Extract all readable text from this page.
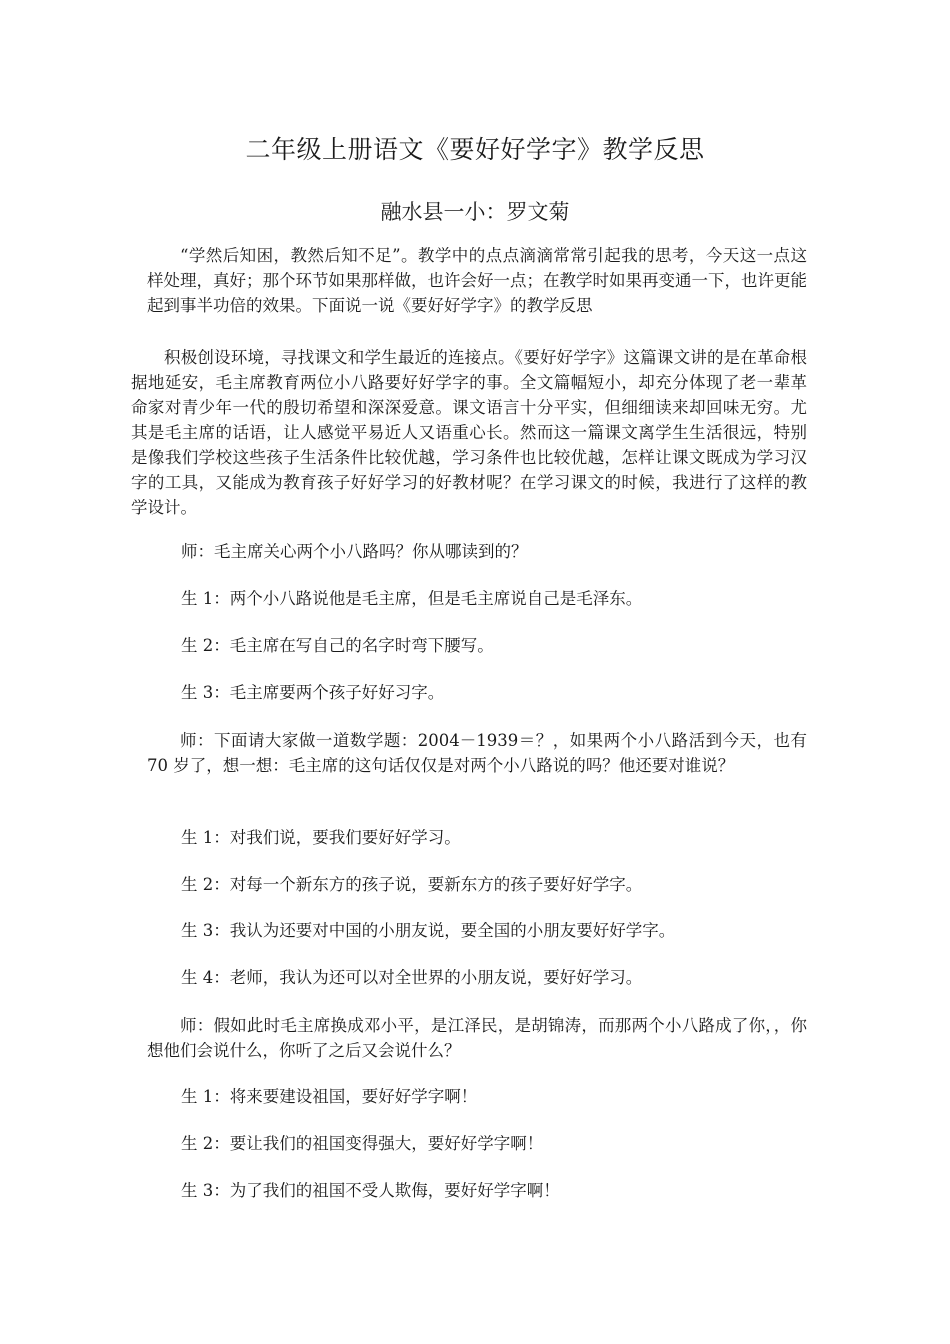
二年级上册语文《要好好学字》教学反思
融水县一小：罗文菊

“学然后知困，教然后知不足”。教学中的点点滴滴常常引起我的思考，今天这一点这样处理，真好；那个环节如果那样做，也许会好一点；在教学时如果再变通一下，也许更能起到事半功倍的效果。下面说一说《要好好学字》的教学反思

积极创设环境，寻找课文和学生最近的连接点。《要好好学字》这篇课文讲的是在革命根据地延安，毛主席教育两位小八路要好好学字的事。全文篇幅短小，却充分体现了老一辈革命家对青少年一代的殷切希望和深深爱意。课文语言十分平实，但细细读来却回味无穷。尤其是毛主席的话语，让人感觉平易近人又语重心长。然而这一篇课文离学生生活很远，特别是像我们学校这些孩子生活条件比较优越，学习条件也比较优越，怎样让课文既成为学习汉字的工具，又能成为教育孩子好好学习的好教材呢？在学习课文的时候，我进行了这样的教学设计。

师：毛主席关心两个小八路吗？你从哪读到的？

生 1：两个小八路说他是毛主席，但是毛主席说自己是毛泽东。

生 2：毛主席在写自己的名字时弯下腰写。

生 3：毛主席要两个孩子好好习字。

师：下面请大家做一道数学题：2004－1939＝？，如果两个小八路活到今天，也有 70 岁了，想一想：毛主席的这句话仅仅是对两个小八路说的吗？他还要对谁说？

生 1：对我们说，要我们要好好学习。

生 2：对每一个新东方的孩子说，要新东方的孩子要好好学字。

生 3：我认为还要对中国的小朋友说，要全国的小朋友要好好学字。

生 4：老师，我认为还可以对全世界的小朋友说，要好好学习。

师：假如此时毛主席换成邓小平，是江泽民，是胡锦涛，而那两个小八路成了你，，你想他们会说什么，你听了之后又会说什么？

生 1：将来要建设祖国，要好好学字啊！

生 2：要让我们的祖国变得强大，要好好学字啊！

生 3：为了我们的祖国不受人欺侮，要好好学字啊！
